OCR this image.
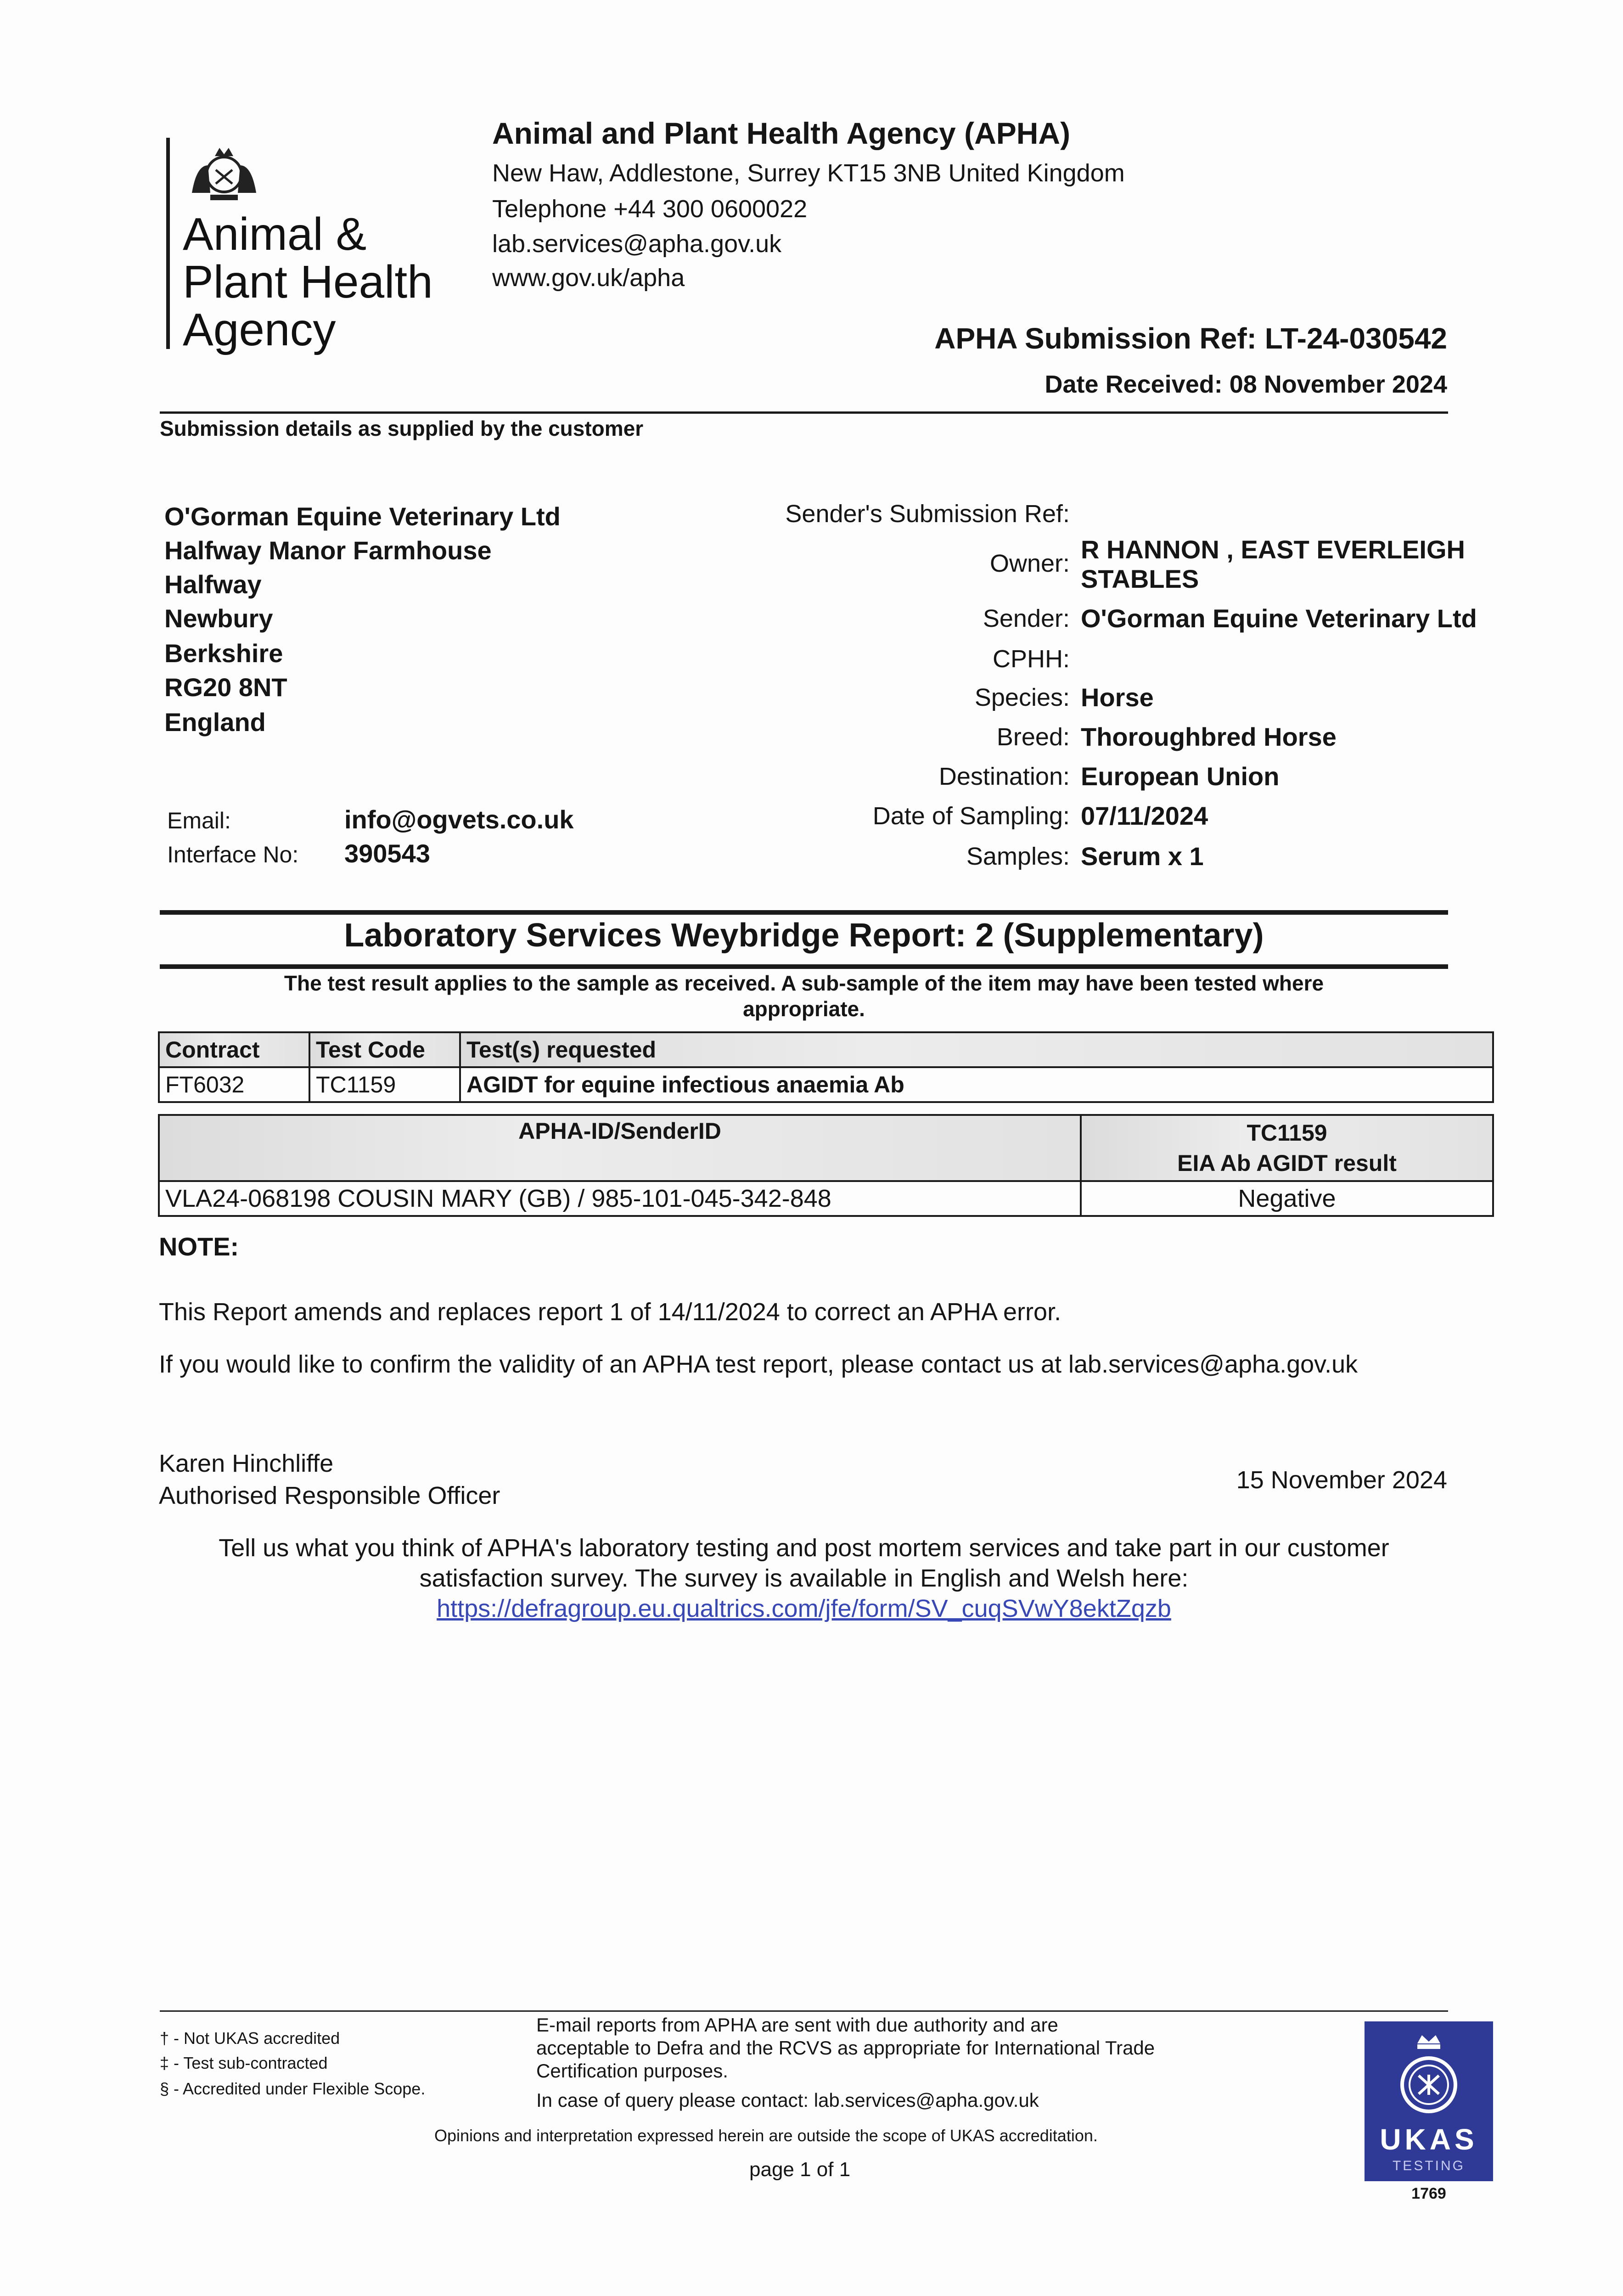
Animal &
Plant Health
Agency
Animal and Plant Health Agency (APHA)
New Haw, Addlestone, Surrey KT15 3NB United Kingdom
Telephone +44 300 0600022
lab.services@apha.gov.uk
www.gov.uk/apha
APHA Submission Ref: LT-24-030542
Date Received: 08 November 2024
Submission details as supplied by the customer
O'Gorman Equine Veterinary Ltd
Halfway Manor Farmhouse
Halfway
Newbury
Berkshire
RG20 8NT
England
Email:	info@ogvets.co.uk
Interface No: 390543
Sender's Submission Ref:
Owner: R HANNON , EAST EVERLEIGH
STABLES
Sender: O'Gorman Equine Veterinary Ltd
CPHH:
Species: Horse
Breed: Thoroughbred Horse
Destination: European Union
Date of Sampling: 07/11/2024
Samples: Serum x 1
Laboratory Services Weybridge Report: 2 (Supplementary)
The test result applies to the sample as received. A sub-sample of the item may have been tested where
appropriate.
Contract	Test Code	Test(s) requested
FT6032	TC1159	AGIDT for equine infectious anaemia Ab
APHA-ID/SenderID	TC1159
EIA Ab AGIDT result

VLA24-068198 COUSIN MARY (GB) / 985-101-045-342-848	Negative
NOTE:
This Report amends and replaces report 1 of 14/11/2024 to correct an APHA error.
If you would like to confirm the validity of an APHA test report, please contact us at lab.services@apha.gov.uk
Karen Hinchliffe
Authorised Responsible Officer
15 November 2024
Tell us what you think of APHA's laboratory testing and post mortem services and take part in our customer
satisfaction survey. The survey is available in English and Welsh here:
https://defragroup.eu.qualtrics.com/jfe/form/SV_cuqSVwY8ektZqzb
† - Not UKAS accredited
‡ - Test sub-contracted
§ - Accredited under Flexible Scope.
E-mail reports from APHA are sent with due authority and are
acceptable to Defra and the RCVS as appropriate for International Trade
Certification purposes.
In case of query please contact: lab.services@apha.gov.uk
Opinions and interpretation expressed herein are outside the scope of UKAS accreditation.
page 1 of 1
UKAS
TESTING
1769
